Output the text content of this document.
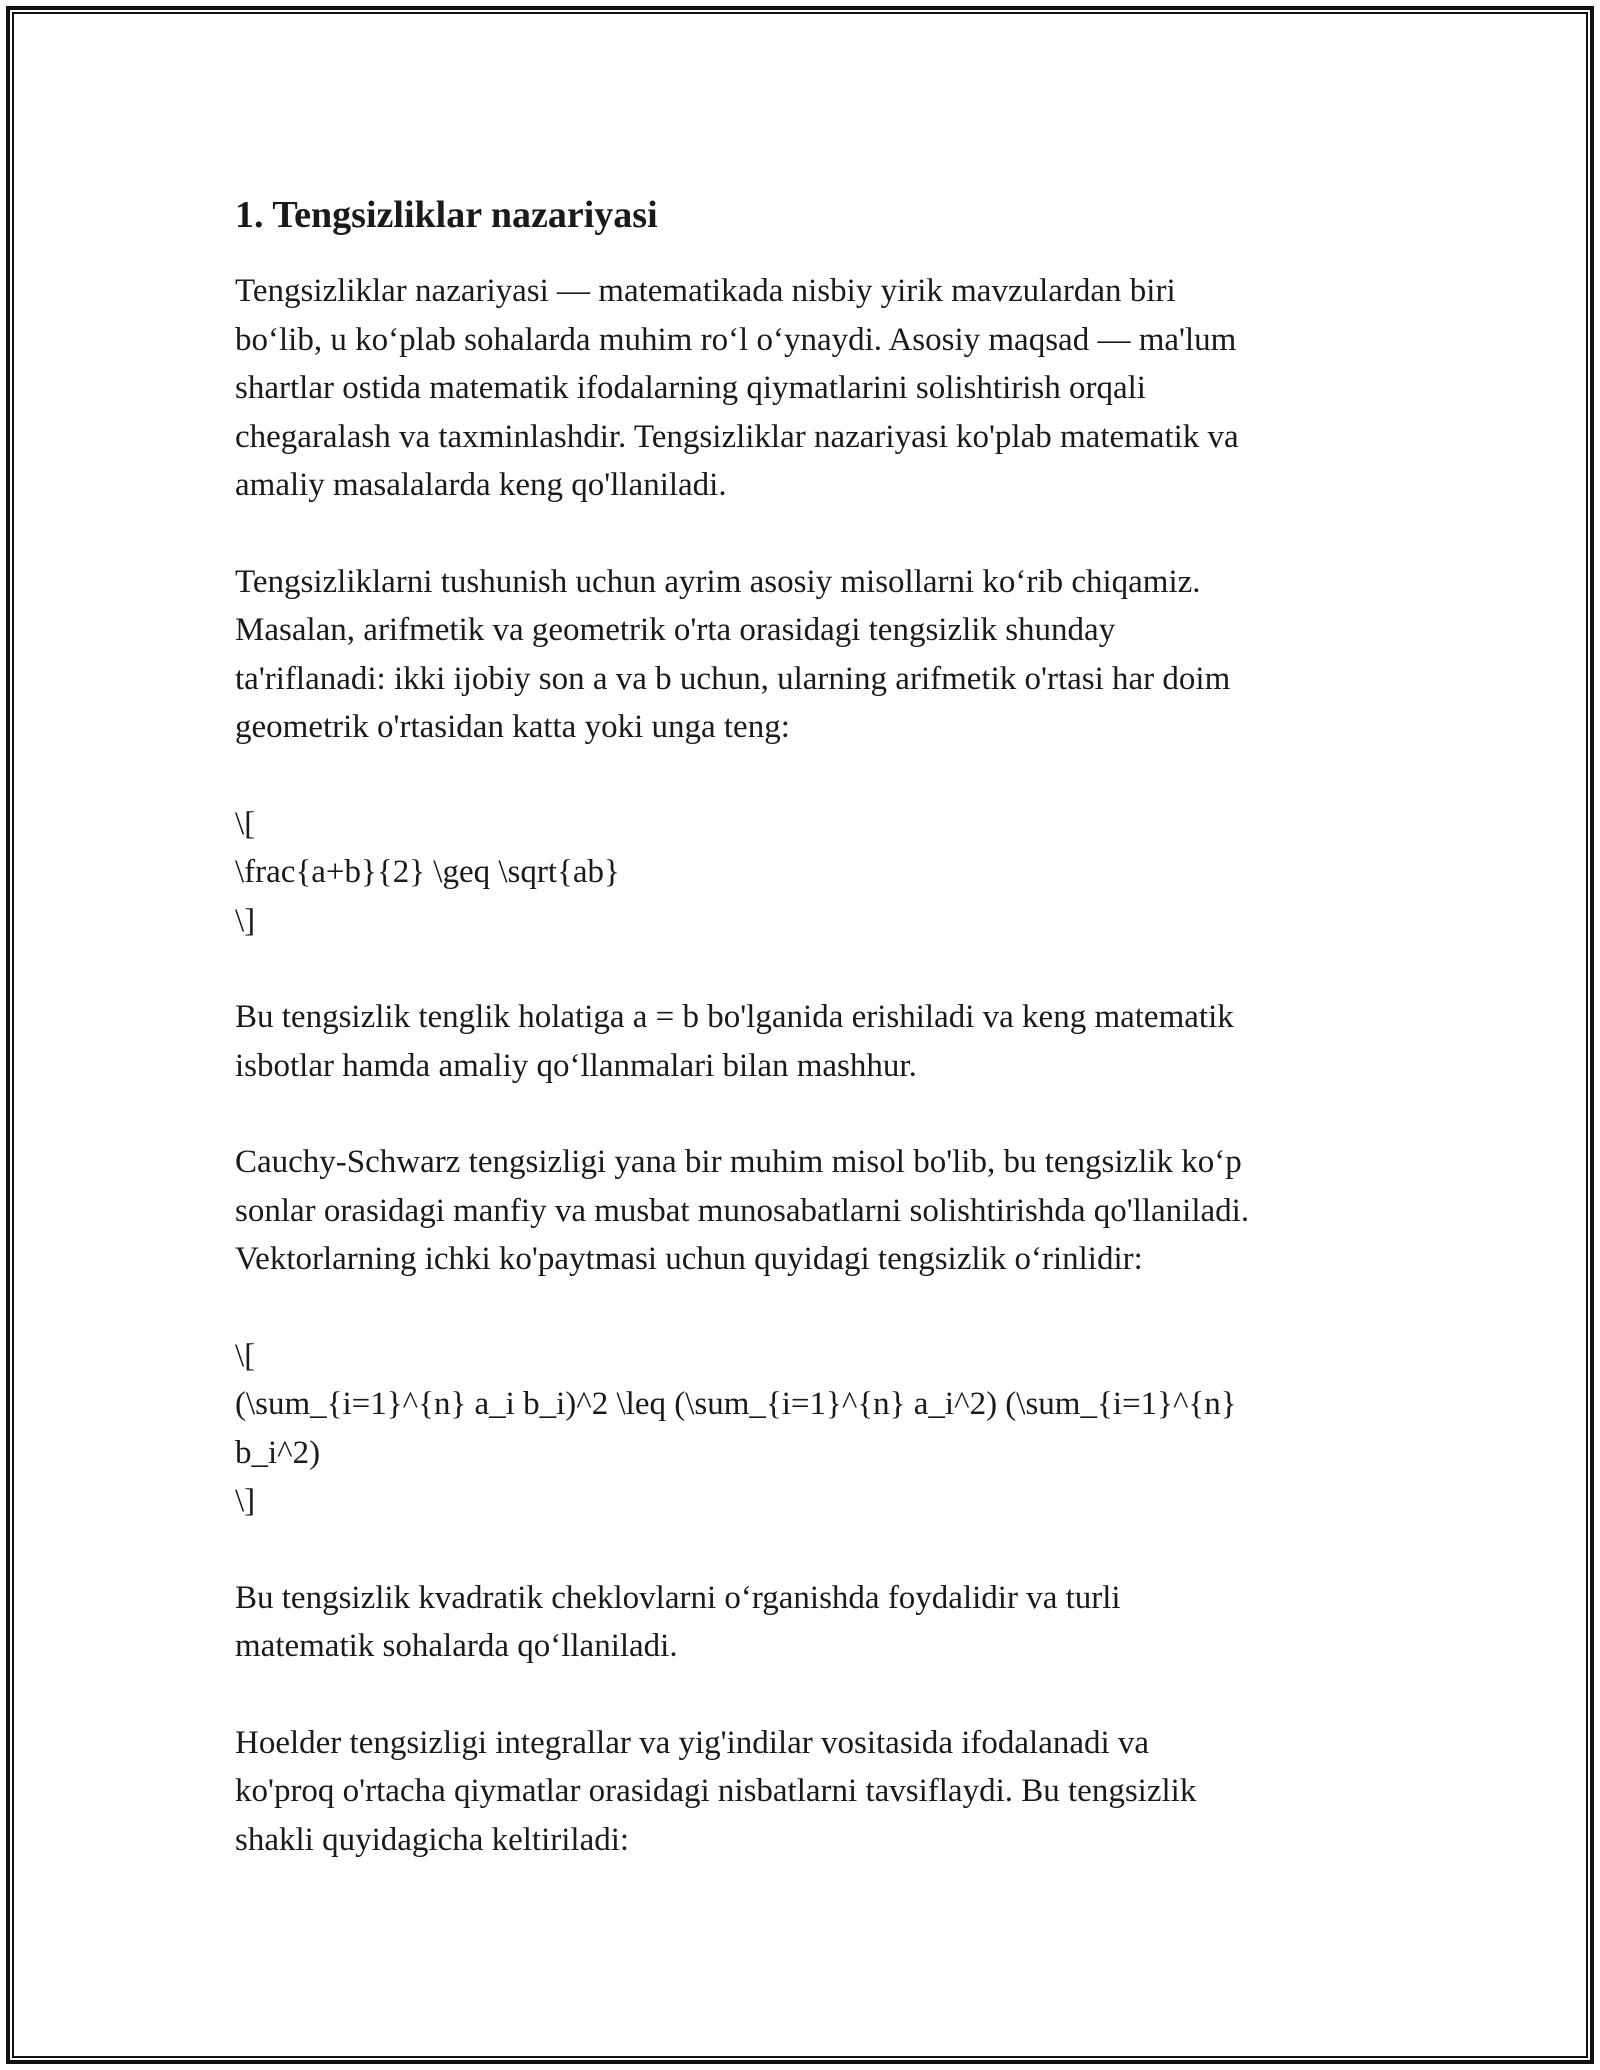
1. Tengsizliklar nazariyasi
Tengsizliklar nazariyasi — matematikada nisbiy yirik mavzulardan biri
bo‘lib, u ko‘plab sohalarda muhim ro‘l o‘ynaydi. Asosiy maqsad — ma'lum
shartlar ostida matematik ifodalarning qiymatlarini solishtirish orqali
chegaralash va taxminlashdir. Tengsizliklar nazariyasi ko'plab matematik va
amaliy masalalarda keng qo'llaniladi.
Tengsizliklarni tushunish uchun ayrim asosiy misollarni ko‘rib chiqamiz.
Masalan, arifmetik va geometrik o'rta orasidagi tengsizlik shunday
ta'riflanadi: ikki ijobiy son a va b uchun, ularning arifmetik o'rtasi har doim
geometrik o'rtasidan katta yoki unga teng:
\[
\frac{a+b}{2} \geq \sqrt{ab}
\]
Bu tengsizlik tenglik holatiga a = b bo'lganida erishiladi va keng matematik
isbotlar hamda amaliy qo‘llanmalari bilan mashhur.
Cauchy-Schwarz tengsizligi yana bir muhim misol bo'lib, bu tengsizlik ko‘p
sonlar orasidagi manfiy va musbat munosabatlarni solishtirishda qo'llaniladi.
Vektorlarning ichki ko'paytmasi uchun quyidagi tengsizlik o‘rinlidir:
\[
(\sum_{i=1}^{n} a_i b_i)^2 \leq (\sum_{i=1}^{n} a_i^2) (\sum_{i=1}^{n}
b_i^2)
\]
Bu tengsizlik kvadratik cheklovlarni o‘rganishda foydalidir va turli
matematik sohalarda qo‘llaniladi.
Hoelder tengsizligi integrallar va yig'indilar vositasida ifodalanadi va
ko'proq o'rtacha qiymatlar orasidagi nisbatlarni tavsiflaydi. Bu tengsizlik
shakli quyidagicha keltiriladi:
